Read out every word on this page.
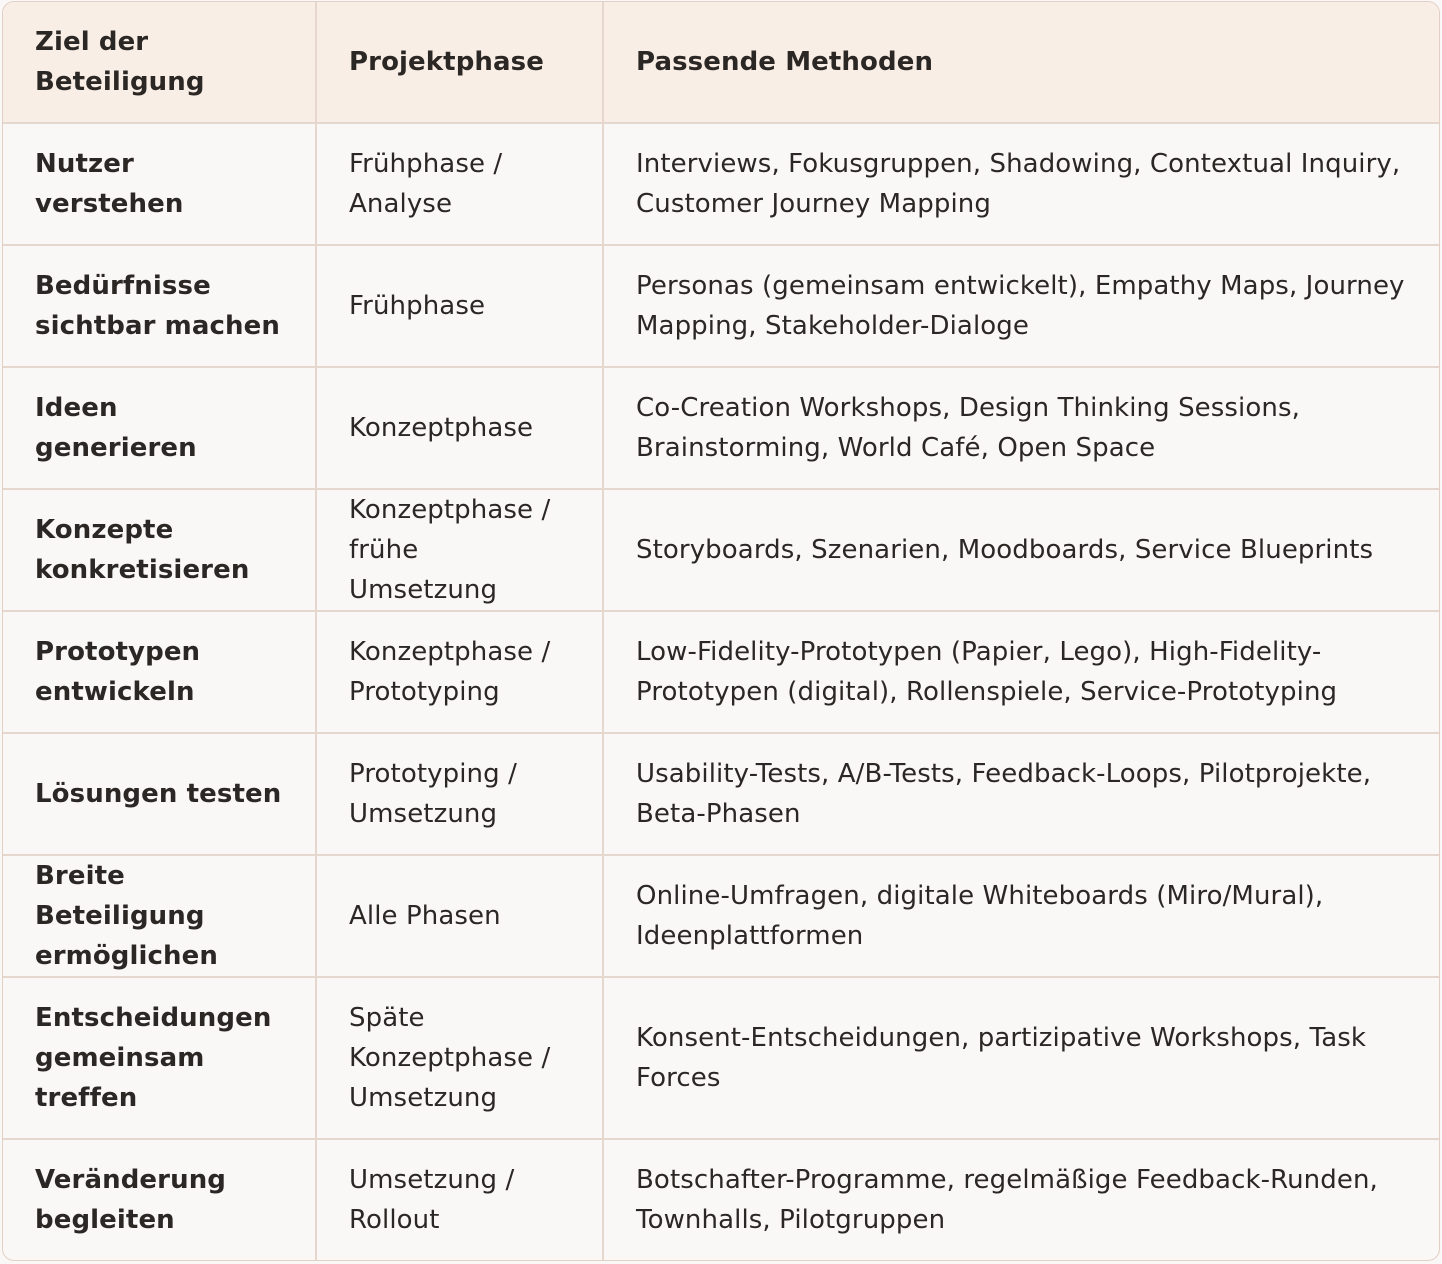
Ziel der Beteiligung	Projektphase	Passende Methoden
Nutzer verstehen	Frühphase / Analyse	Interviews, Fokusgruppen, Shadowing, Contextual Inquiry, Customer Journey Mapping
Bedürfnisse sichtbar machen	Frühphase	Personas (gemeinsam entwickelt), Empathy Maps, Journey Mapping, Stakeholder-Dialoge
Ideen generieren	Konzeptphase	Co-Creation Workshops, Design Thinking Sessions, Brainstorming, World Café, Open Space
Konzepte konkretisieren	Konzeptphase / frühe Umsetzung	Storyboards, Szenarien, Moodboards, Service Blueprints
Prototypen entwickeln	Konzeptphase / Prototyping	Low-Fidelity-Prototypen (Papier, Lego), High-Fidelity-Prototypen (digital), Rollenspiele, Service-Prototyping
Lösungen testen	Prototyping / Umsetzung	Usability-Tests, A/B-Tests, Feedback-Loops, Pilotprojekte, Beta-Phasen
Breite Beteiligung ermöglichen	Alle Phasen	Online-Umfragen, digitale Whiteboards (Miro/Mural), Ideenplattformen
Entscheidungen gemeinsam treffen	Späte Konzeptphase / Umsetzung	Konsent-Entscheidungen, partizipative Workshops, Task Forces
Veränderung begleiten	Umsetzung / Rollout	Botschafter-Programme, regelmäßige Feedback-Runden, Townhalls, Pilotgruppen
